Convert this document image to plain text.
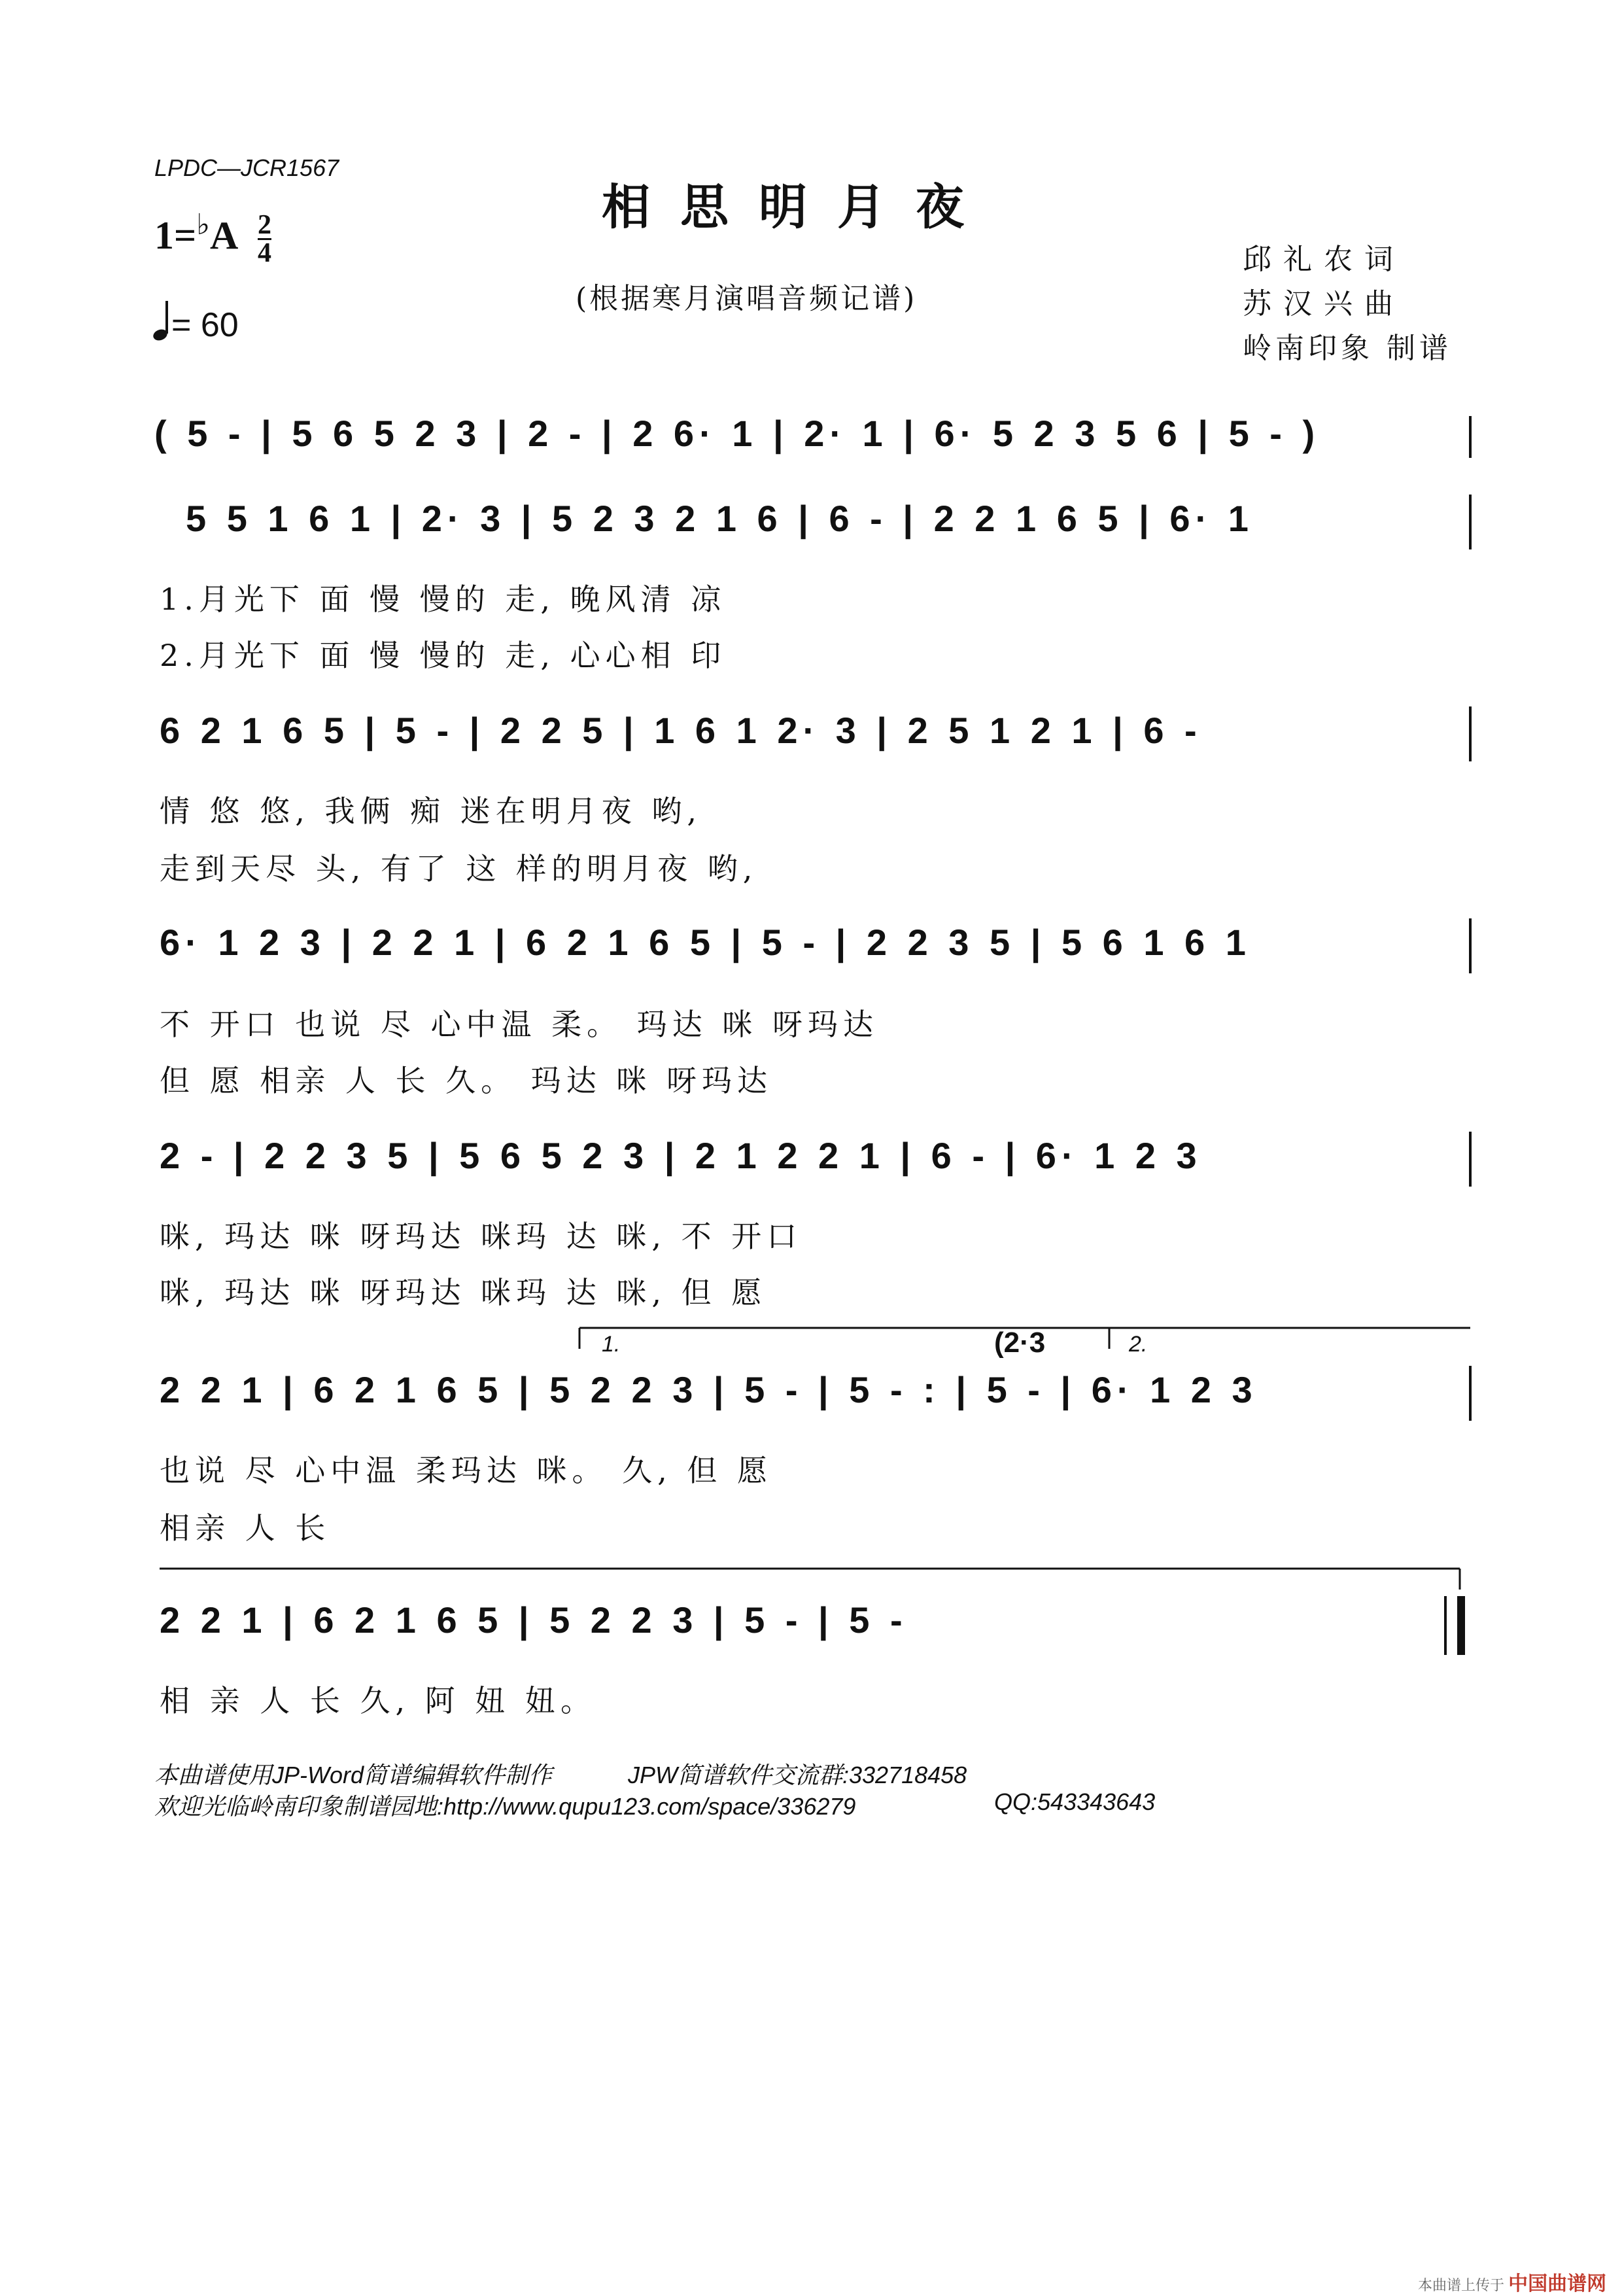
LPDC—JCR1567
相思明月夜
$1=^♭A \frac{2}{4}$
= 60
(根据寒月演唱音频记谱)
邱礼农词
苏汉兴曲
岭南印象 制谱
( 5 - | 5 6 5 2 3 | 2 - | 2 6· 1 | 2· 1 | 6· 5 2 3 5 6 | 5 - )
5 5 1 6 1 | 2· 3 | 5 2 3 2 1 6 | 6 - | 2 2 1 6 5 | 6· 1
1.月光下 面 慢 慢的 走, 晚风清 凉
2.月光下 面 慢 慢的 走, 心心相 印
6 2 1 6 5 | 5 - | 2 2 5 | 1 6 1 2· 3 | 2 5 1 2 1 | 6 -
情 悠 悠, 我俩 痴 迷在明月夜 哟,
走到天尽 头, 有了 这 样的明月夜 哟,
6· 1 2 3 | 2 2 1 | 6 2 1 6 5 | 5 - | 2 2 3 5 | 5 6 1 6 1
不 开口 也说 尽 心中温 柔。 玛达 咪 呀玛达
但 愿 相亲 人 长 久。 玛达 咪 呀玛达
2 - | 2 2 3 5 | 5 6 5 2 3 | 2 1 2 2 1 | 6 - | 6· 1 2 3
咪, 玛达 咪 呀玛达 咪玛 达 咪, 不 开口
咪, 玛达 咪 呀玛达 咪玛 达 咪, 但 愿
1.	(2·3	2.
2 2 1 | 6 2 1 6 5 | 5 2 2 3 | 5 - | 5 - : | 5 - | 6· 1 2 3
也说 尽 心中温 柔玛达 咪。 久, 但 愿
相亲 人 长
2 2 1 | 6 2 1 6 5 | 5 2 2 3 | 5 - | 5 -
相 亲 人 长 久, 阿 妞 妞。
本曲谱使用JP-Word简谱编辑软件制作	JPW简谱软件交流群:332718458
欢迎光临岭南印象制谱园地:http://www.qupu123.com/space/336279	QQ:543343643
本曲谱上传于 中国曲谱网
